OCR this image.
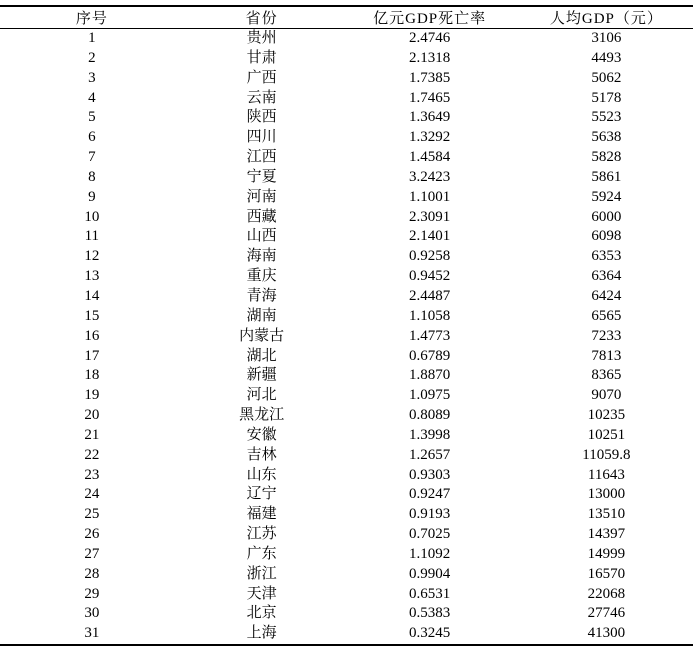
序号	省份	亿元GDP死亡率	人均GDP（元）
1	贵州	2.4746	3106
2	甘肃	2.1318	4493
3	广西	1.7385	5062
4	云南	1.7465	5178
5	陕西	1.3649	5523
6	四川	1.3292	5638
7	江西	1.4584	5828
8	宁夏	3.2423	5861
9	河南	1.1001	5924
10	西藏	2.3091	6000
11	山西	2.1401	6098
12	海南	0.9258	6353
13	重庆	0.9452	6364
14	青海	2.4487	6424
15	湖南	1.1058	6565
16	内蒙古	1.4773	7233
17	湖北	0.6789	7813
18	新疆	1.8870	8365
19	河北	1.0975	9070
20	黑龙江	0.8089	10235
21	安徽	1.3998	10251
22	吉林	1.2657	11059.8
23	山东	0.9303	11643
24	辽宁	0.9247	13000
25	福建	0.9193	13510
26	江苏	0.7025	14397
27	广东	1.1092	14999
28	浙江	0.9904	16570
29	天津	0.6531	22068
30	北京	0.5383	27746
31	上海	0.3245	41300
